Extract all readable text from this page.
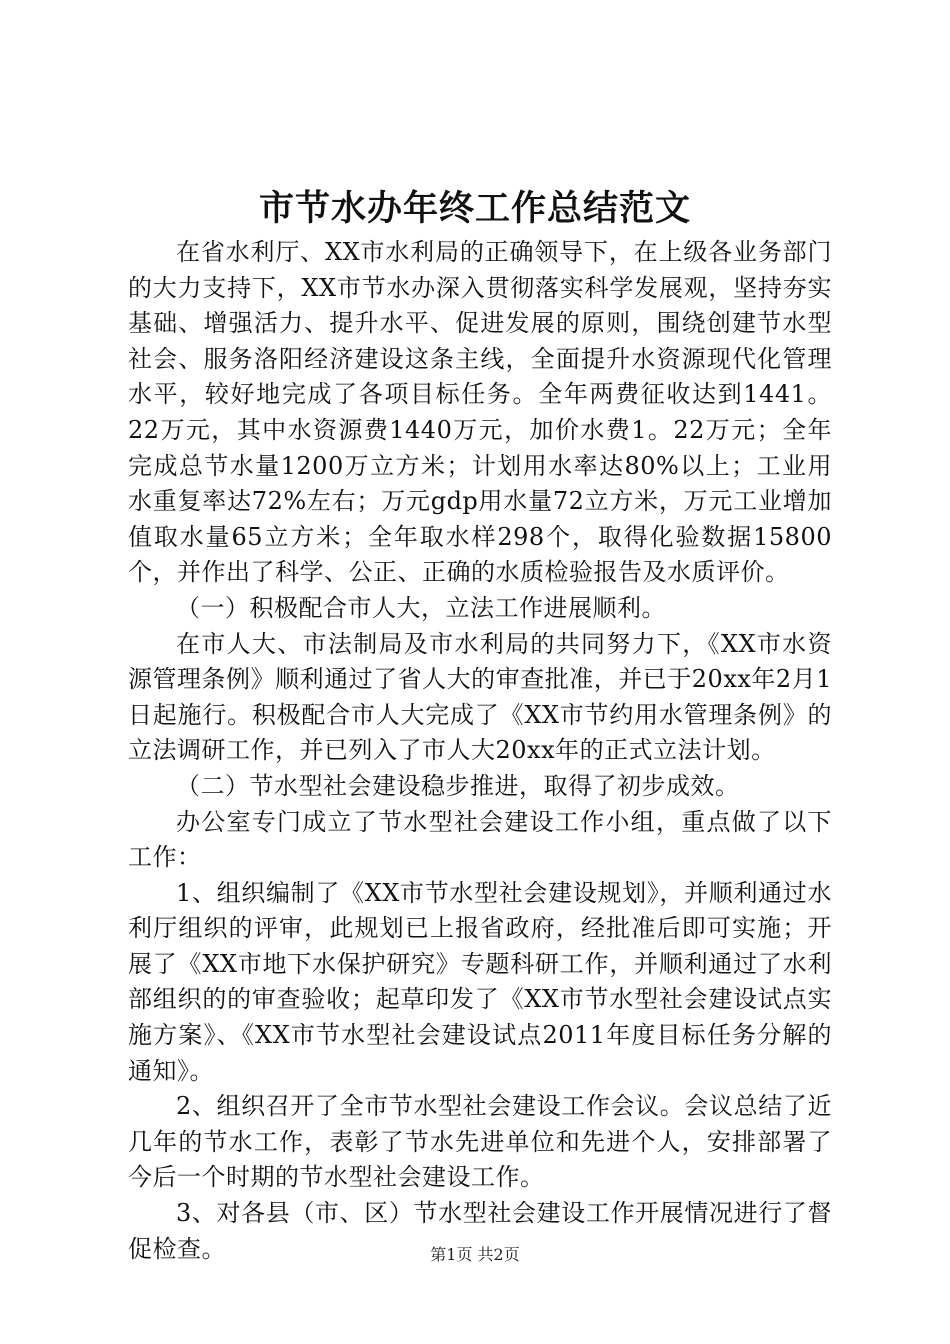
市节水办年终工作总结范文

在省水利厅、XX市水利局的正确领导下，在上级各业务部门的大力支持下，XX市节水办深入贯彻落实科学发展观，坚持夯实基础、增强活力、提升水平、促进发展的原则，围绕创建节水型社会、服务洛阳经济建设这条主线，全面提升水资源现代化管理水平，较好地完成了各项目标任务。全年两费征收达到1441。22万元，其中水资源费1440万元，加价水费1。22万元；全年完成总节水量1200万立方米；计划用水率达80%以上；工业用水重复率达72%左右；万元gdp用水量72立方米，万元工业增加值取水量65立方米；全年取水样298个，取得化验数据15800个，并作出了科学、公正、正确的水质检验报告及水质评价。

（一）积极配合市人大，立法工作进展顺利。

在市人大、市法制局及市水利局的共同努力下，《XX市水资源管理条例》顺利通过了省人大的审查批准，并已于20xx年2月1日起施行。积极配合市人大完成了《XX市节约用水管理条例》的立法调研工作，并已列入了市人大20xx年的正式立法计划。

（二）节水型社会建设稳步推进，取得了初步成效。

办公室专门成立了节水型社会建设工作小组，重点做了以下工作：

1、组织编制了《XX市节水型社会建设规划》，并顺利通过水利厅组织的评审，此规划已上报省政府，经批准后即可实施；开展了《XX市地下水保护研究》专题科研工作，并顺利通过了水利部组织的的审查验收；起草印发了《XX市节水型社会建设试点实施方案》、《XX市节水型社会建设试点2011年度目标任务分解的通知》。

2、组织召开了全市节水型社会建设工作会议。会议总结了近几年的节水工作，表彰了节水先进单位和先进个人，安排部署了今后一个时期的节水型社会建设工作。

3、对各县（市、区）节水型社会建设工作开展情况进行了督促检查。	第1页 共2页
